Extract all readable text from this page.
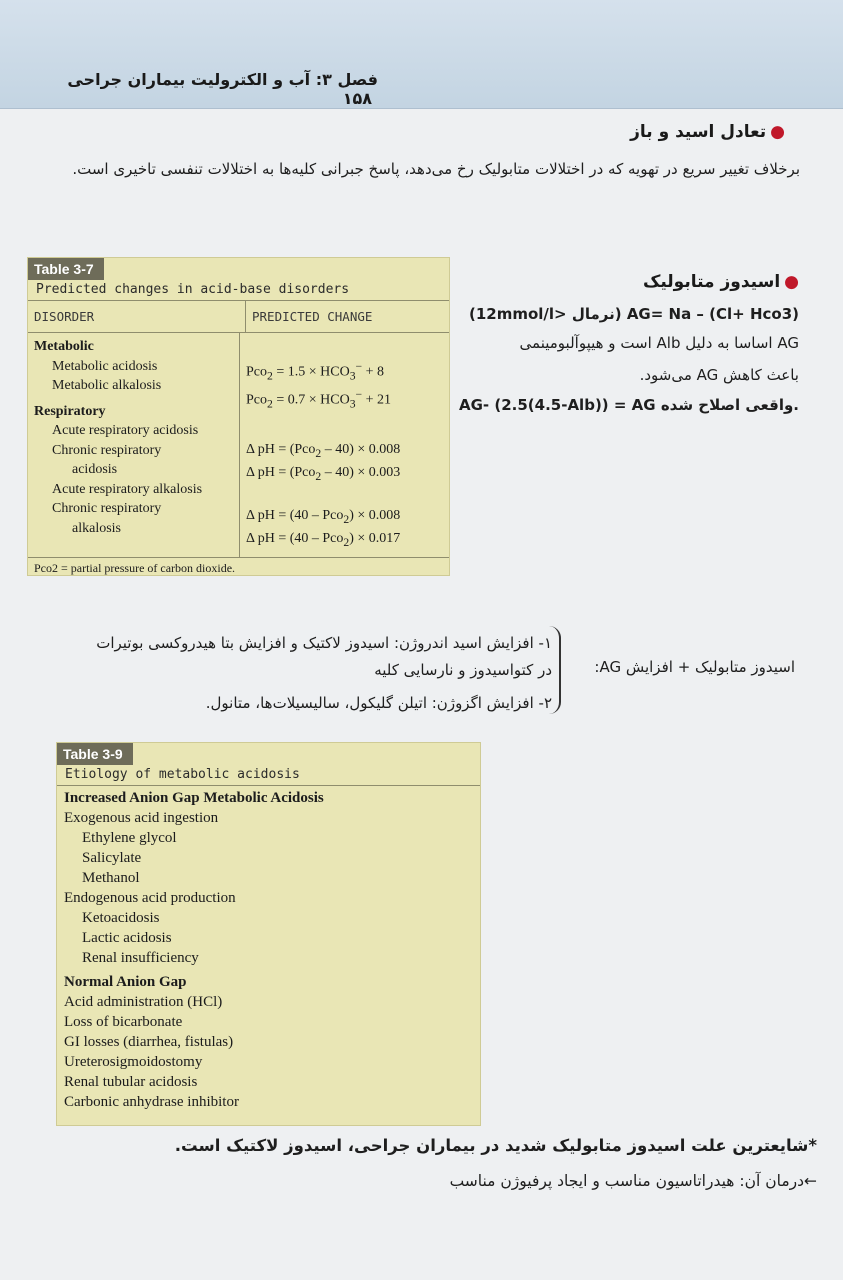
فصل ۳: آب و الکترولیت بیماران جراحی ۱۵۸
●تعادل اسید و باز
برخلاف تغییر سریع در تهویه که در اختلالات متابولیک رخ می‌دهد، پاسخ جبرانی کلیه‌ها به اختلالات تنفسی تاخیری است.
Table 3-7
Predicted changes in acid-base disorders
DISORDER	PREDICTED CHANGE
Metabolic
Metabolic acidosis
Metabolic alkalosis
Respiratory
Acute respiratory acidosis
Chronic respiratory
acidosis
Acute respiratory alkalosis
Chronic respiratory
alkalosis
$Pco_2 = 1.5 \times HCO_3^- + 8$
$Pco_2 = 0.7 \times HCO_3^- + 21$
Δ pH = (Pco$_2$ – 40) × 0.008
Δ pH = (Pco$_2$ – 40) × 0.003
Δ pH = (40 – Pco$_2$) × 0.008
Δ pH = (40 – Pco$_2$) × 0.017
Pco2 = partial pressure of carbon dioxide.
●اسیدوز متابولیک
(12mmol/l> نرمال) AG= Na – (Cl+ Hco3)
AG اساسا به دلیل Alb است و هیپوآلبومینمی
باعث کاهش AG می‌شود.
AG- (2.5(4.5-Alb)) = AG واقعی اصلاح شده.
اسیدوز متابولیک + افزایش AG:
۱- افزایش اسید اندروژن: اسیدوز لاکتیک و افزایش بتا هیدروکسی بوتیرات
در کتواسیدوز و نارسایی کلیه
۲- افزایش اگزوژن: اتیلن گلیکول، سالیسیلات‌ها، متانول.
Table 3-9
Etiology of metabolic acidosis
Increased Anion Gap Metabolic Acidosis
Exogenous acid ingestion
Ethylene glycol
Salicylate
Methanol
Endogenous acid production
Ketoacidosis
Lactic acidosis
Renal insufficiency
Normal Anion Gap
Acid administration (HCl)
Loss of bicarbonate
GI losses (diarrhea, fistulas)
Ureterosigmoidostomy
Renal tubular acidosis
Carbonic anhydrase inhibitor
*شایعترین علت اسیدوز متابولیک شدید در بیماران جراحی، اسیدوز لاکتیک است.
←درمان آن: هیدراتاسیون مناسب و ایجاد پرفیوژن مناسب
